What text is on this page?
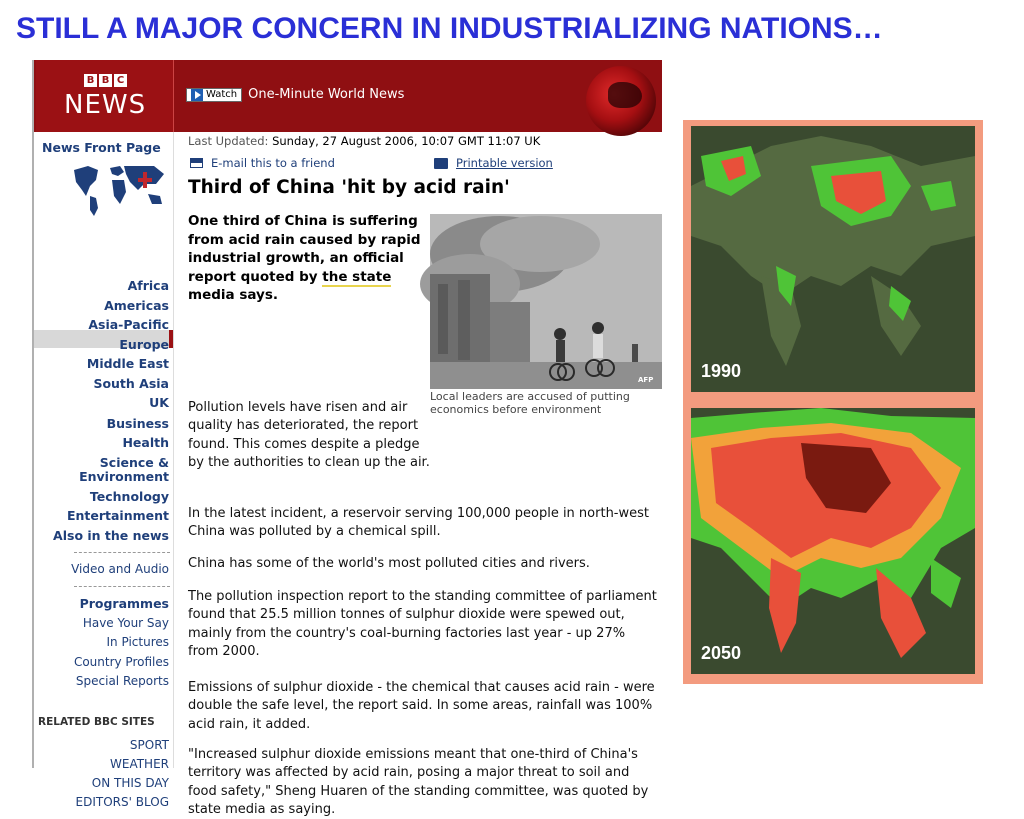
STILL A MAJOR CONCERN IN INDUSTRIALIZING NATIONS…
B B C
NEWS	Watch One-Minute World News
News Front Page
Africa
Americas
Asia-Pacific
Europe
Middle East
South Asia
UK
Business
Health
Science &
Environment
Technology
Entertainment
Also in the news
Video and Audio
Programmes
Have Your Say
In Pictures
Country Profiles
Special Reports
RELATED BBC SITES
SPORT
WEATHER
ON THIS DAY
EDITORS' BLOG
Last Updated: Sunday, 27 August 2006, 10:07 GMT 11:07 UK
E-mail this to a friend	Printable version
Third of China 'hit by acid rain'
One third of China is suffering from acid rain caused by rapid industrial growth, an official report quoted by the state media says.
AFP
Local leaders are accused of putting economics before environment
Pollution levels have risen and air quality has deteriorated, the report found. This comes despite a pledge by the authorities to clean up the air.
In the latest incident, a reservoir serving 100,000 people in north-west China was polluted by a chemical spill.
China has some of the world's most polluted cities and rivers.
The pollution inspection report to the standing committee of parliament found that 25.5 million tonnes of sulphur dioxide were spewed out, mainly from the country's coal-burning factories last year - up 27% from 2000.
Emissions of sulphur dioxide - the chemical that causes acid rain - were double the safe level, the report said. In some areas, rainfall was 100% acid rain, it added.
"Increased sulphur dioxide emissions meant that one-third of China's territory was affected by acid rain, posing a major threat to soil and food safety," Sheng Huaren of the standing committee, was quoted by state media as saying.
1990
2050
